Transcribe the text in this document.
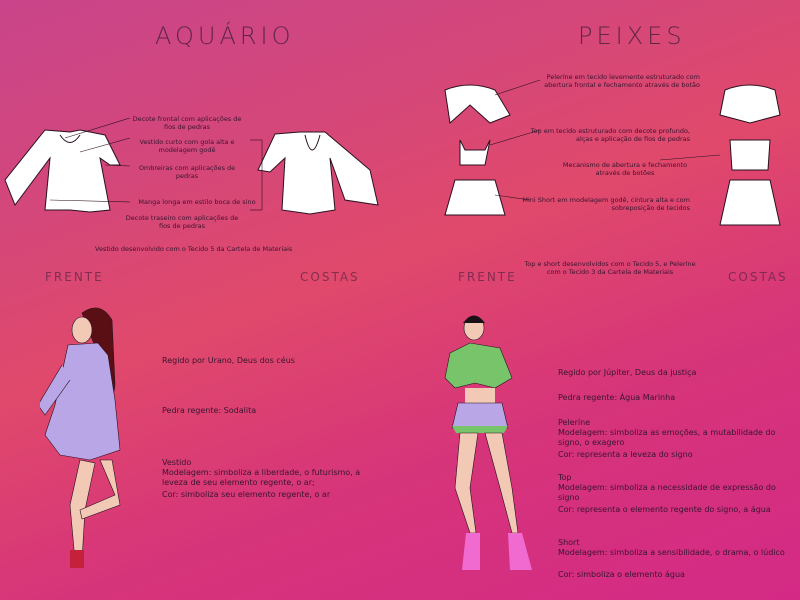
AQUÁRIO
Decote frontal com aplicações de fios de pedras
Vestido curto com gola alta e modelagem godê
Ombreiras com aplicações de pedras
Manga longa em estilo boca de sino
Decote traseiro com aplicações de fios de pedras
Vestido desenvolvido com o Tecido 5 da Cartela de Materiais
FRENTE	COSTAS
Regido por Urano, Deus dos céus
Pedra regente: Sodalita
Vestido
Modelagem: simboliza a liberdade, o futurismo, a leveza de seu elemento regente, o ar;
Cor: simboliza seu elemento regente, o ar
PEIXES
Peleríne em tecido levemente estruturado com abertura frontal e fechamento através de botão
Top em tecido estruturado com decote profundo, alças e aplicação de fios de pedras
Mecanismo de abertura e fechamento através de botões
Mini Short em modelagem godê, cintura alta e com sobreposição de tecidos
Top e short desenvolvidos com o Tecido 5, e Peleríne com o Tecido 3 da Cartela de Materiais
FRENTE	COSTAS
Regido por Júpiter, Deus da justiça
Pedra regente: Água Marinha
Peleríne
Modelagem: simboliza as emoções, a mutabilidade do signo, o exagero
Cor: representa a leveza do signo
Top
Modelagem: simboliza a necessidade de expressão do signo
Cor: representa o elemento regente do signo, a água
Short
Modelagem: simboliza a sensibilidade, o drama, o lúdico
Cor: simboliza o elemento água
